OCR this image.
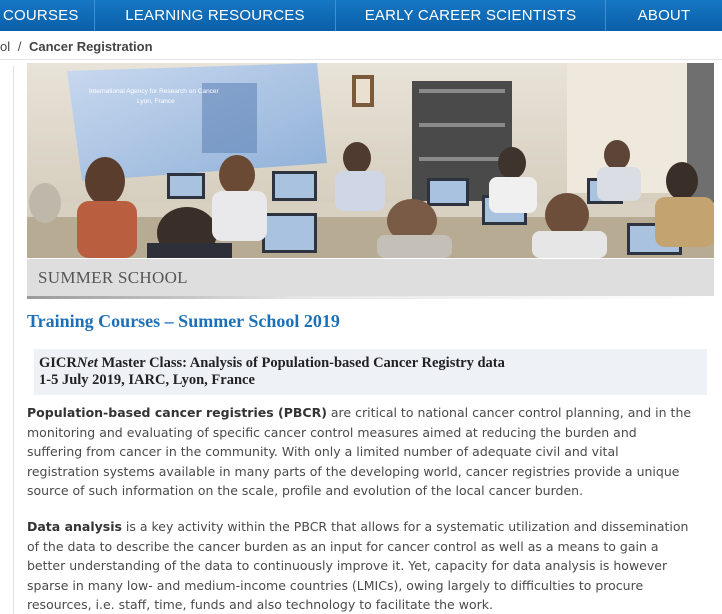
COURSES	LEARNING RESOURCES	EARLY CAREER SCIENTISTS	ABOUT
ol / Cancer Registration
International Agency for Research on Cancer
Lyon, France
SUMMER SCHOOL
Training Courses – Summer School 2019
GICRNet Master Class: Analysis of Population-based Cancer Registry data
1-5 July 2019, IARC, Lyon, France
Population-based cancer registries (PBCR) are critical to national cancer control planning, and in the
monitoring and evaluating of specific cancer control measures aimed at reducing the burden and
suffering from cancer in the community. With only a limited number of adequate civil and vital
registration systems available in many parts of the developing world, cancer registries provide a unique
source of such information on the scale, profile and evolution of the local cancer burden.
Data analysis is a key activity within the PBCR that allows for a systematic utilization and dissemination
of the data to describe the cancer burden as an input for cancer control as well as a means to gain a
better understanding of the data to continuously improve it. Yet, capacity for data analysis is however
sparse in many low- and medium-income countries (LMICs), owing largely to difficulties to procure
resources, i.e. staff, time, funds and also technology to facilitate the work.
